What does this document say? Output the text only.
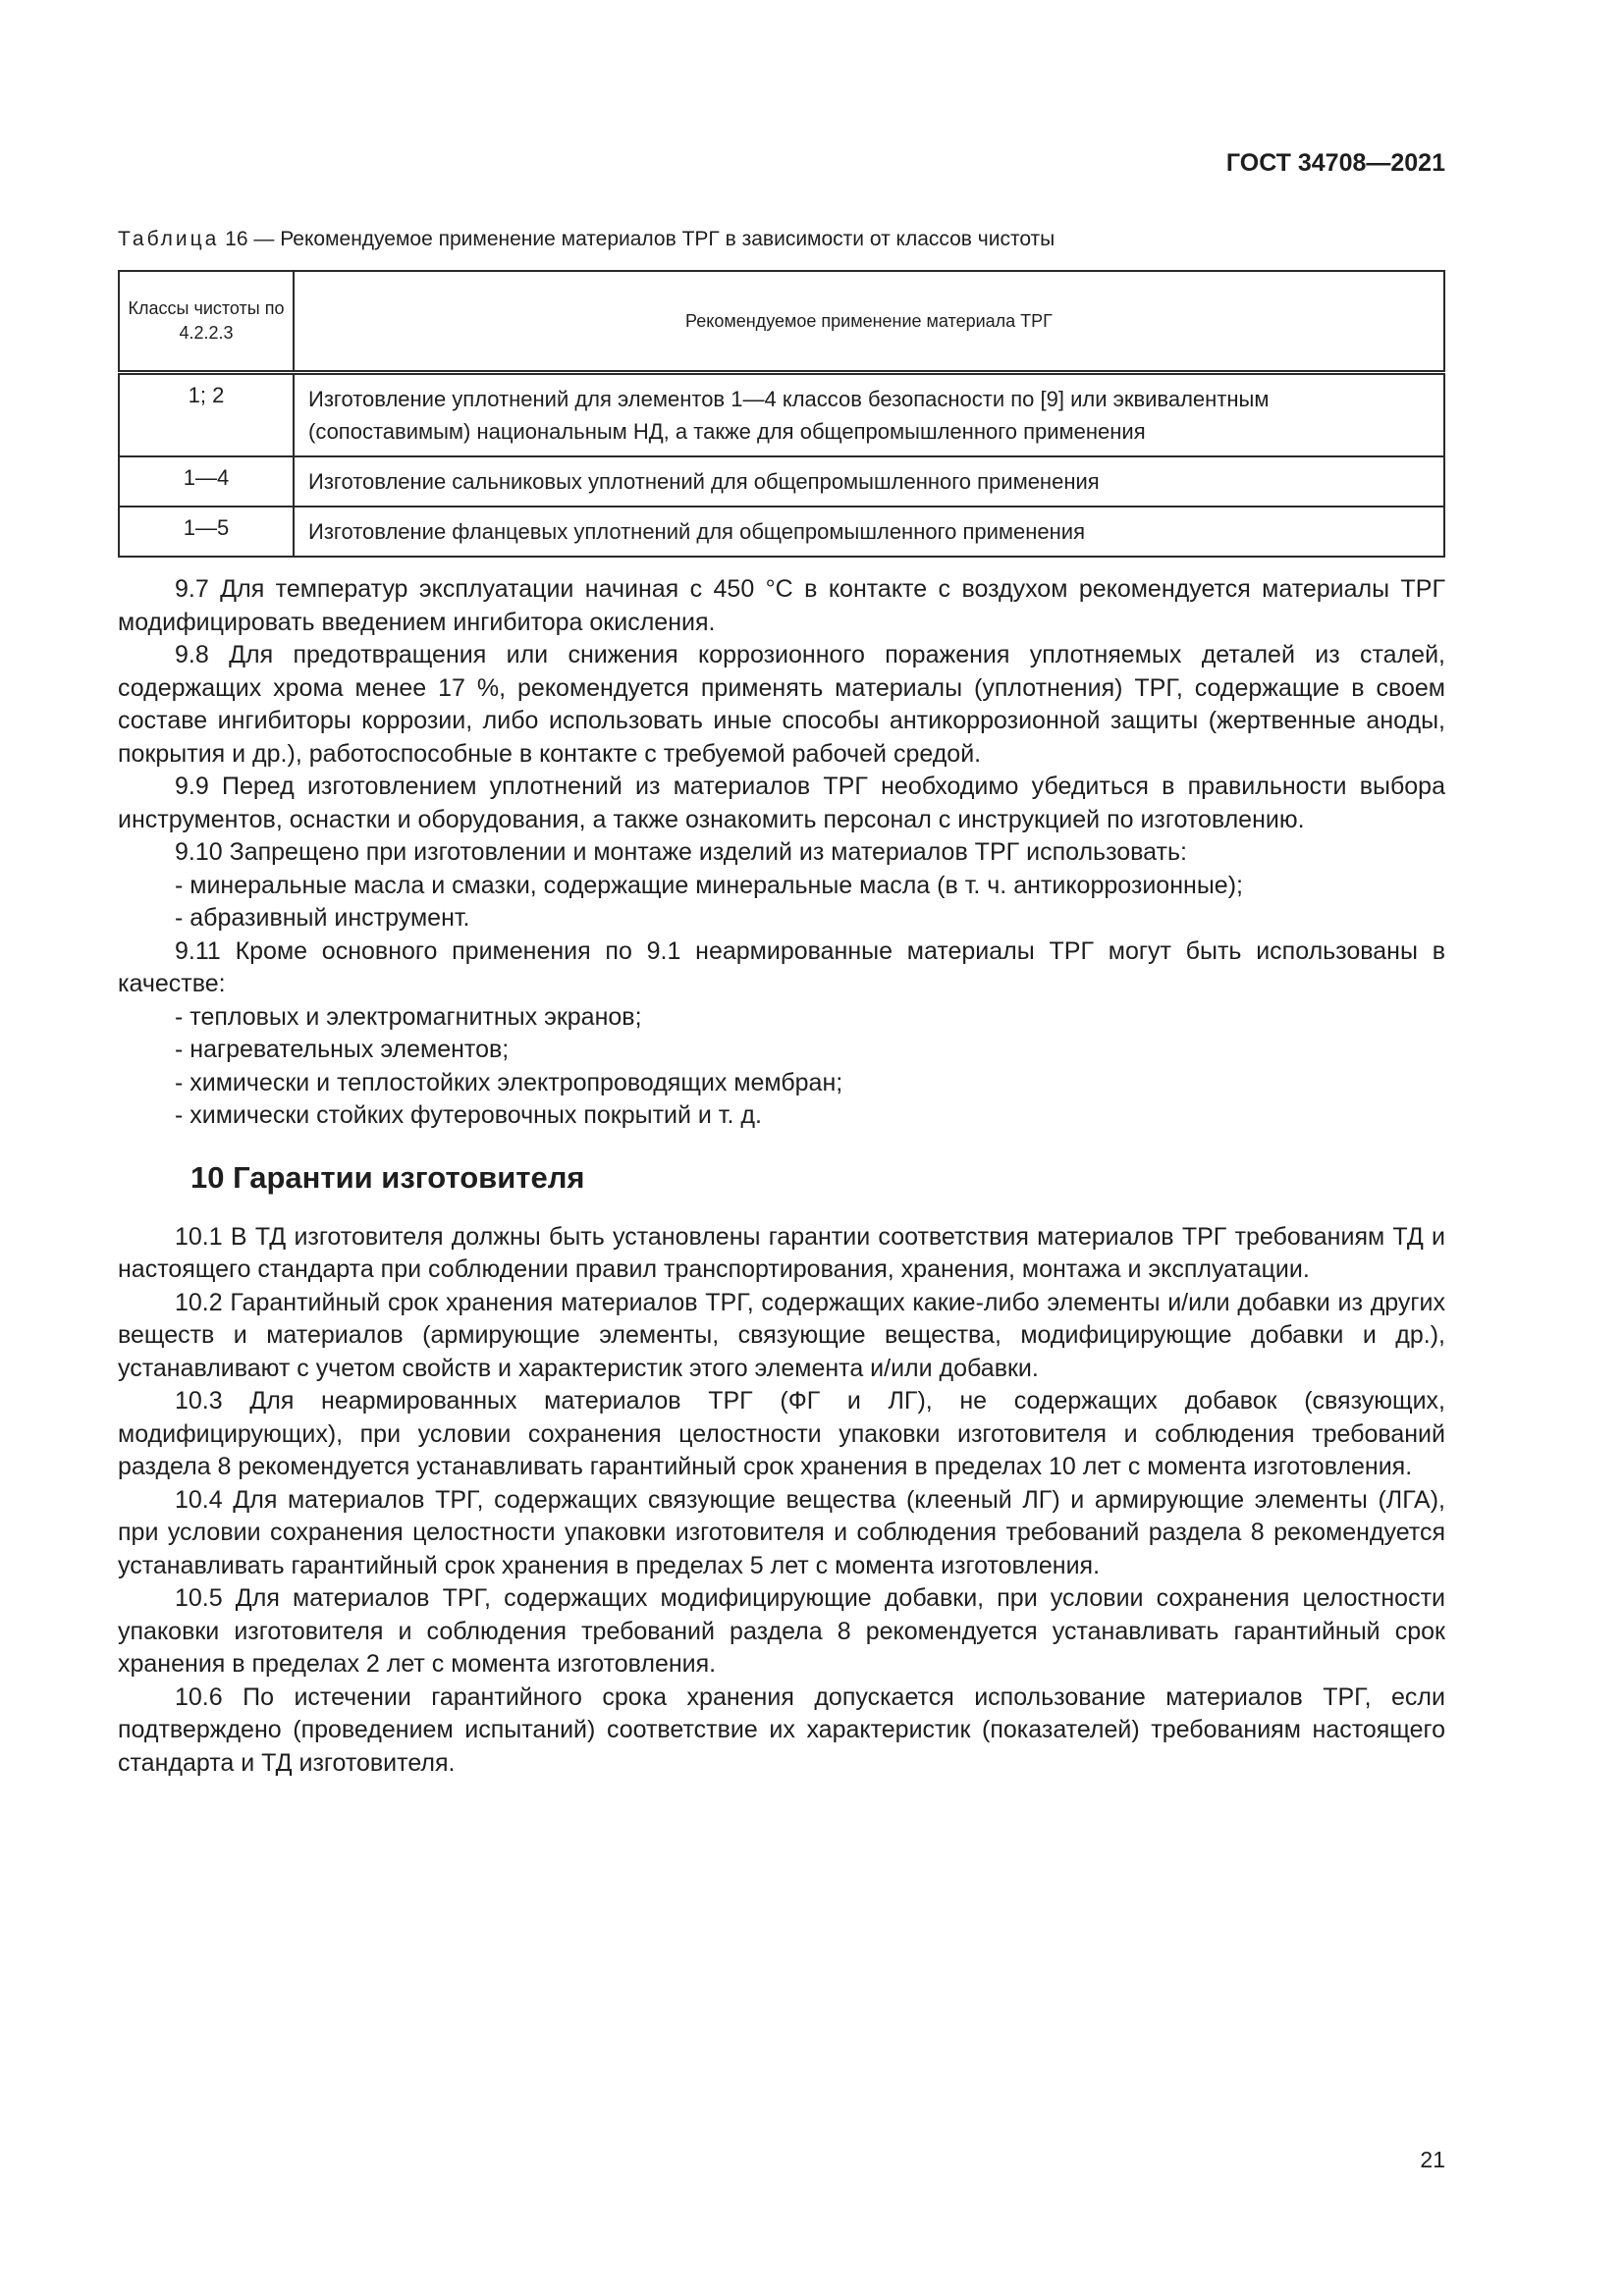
ГОСТ 34708—2021
Таблица 16 — Рекомендуемое применение материалов ТРГ в зависимости от классов чистоты
Классы чистоты по 4.2.2.3	Рекомендуемое применение материала ТРГ
1; 2	Изготовление уплотнений для элементов 1—4 классов безопасности по [9] или эквивалентным (сопоставимым) национальным НД, а также для общепромышленного применения
1—4	Изготовление сальниковых уплотнений для общепромышленного применения
1—5	Изготовление фланцевых уплотнений для общепромышленного применения

9.7 Для температур эксплуатации начиная с 450 °С в контакте с воздухом рекомендуется материалы ТРГ модифицировать введением ингибитора окисления.

9.8 Для предотвращения или снижения коррозионного поражения уплотняемых деталей из сталей, содержащих хрома менее 17 %, рекомендуется применять материалы (уплотнения) ТРГ, содержащие в своем составе ингибиторы коррозии, либо использовать иные способы антикоррозионной защиты (жертвенные аноды, покрытия и др.), работоспособные в контакте с требуемой рабочей средой.

9.9 Перед изготовлением уплотнений из материалов ТРГ необходимо убедиться в правильности выбора инструментов, оснастки и оборудования, а также ознакомить персонал с инструкцией по изготовлению.

9.10 Запрещено при изготовлении и монтаже изделий из материалов ТРГ использовать:

- минеральные масла и смазки, содержащие минеральные масла (в т. ч. антикоррозионные);

- абразивный инструмент.

9.11 Кроме основного применения по 9.1 неармированные материалы ТРГ могут быть использованы в качестве:

- тепловых и электромагнитных экранов;

- нагревательных элементов;

- химически и теплостойких электропроводящих мембран;

- химически стойких футеровочных покрытий и т. д.

10 Гарантии изготовителя

10.1 В ТД изготовителя должны быть установлены гарантии соответствия материалов ТРГ требованиям ТД и настоящего стандарта при соблюдении правил транспортирования, хранения, монтажа и эксплуатации.

10.2 Гарантийный срок хранения материалов ТРГ, содержащих какие-либо элементы и/или добавки из других веществ и материалов (армирующие элементы, связующие вещества, модифицирующие добавки и др.), устанавливают с учетом свойств и характеристик этого элемента и/или добавки.

10.3 Для неармированных материалов ТРГ (ФГ и ЛГ), не содержащих добавок (связующих, модифицирующих), при условии сохранения целостности упаковки изготовителя и соблюдения требований раздела 8 рекомендуется устанавливать гарантийный срок хранения в пределах 10 лет с момента изготовления.

10.4 Для материалов ТРГ, содержащих связующие вещества (клееный ЛГ) и армирующие элементы (ЛГА), при условии сохранения целостности упаковки изготовителя и соблюдения требований раздела 8 рекомендуется устанавливать гарантийный срок хранения в пределах 5 лет с момента изготовления.

10.5 Для материалов ТРГ, содержащих модифицирующие добавки, при условии сохранения целостности упаковки изготовителя и соблюдения требований раздела 8 рекомендуется устанавливать гарантийный срок хранения в пределах 2 лет с момента изготовления.

10.6 По истечении гарантийного срока хранения допускается использование материалов ТРГ, если подтверждено (проведением испытаний) соответствие их характеристик (показателей) требованиям настоящего стандарта и ТД изготовителя.

21
